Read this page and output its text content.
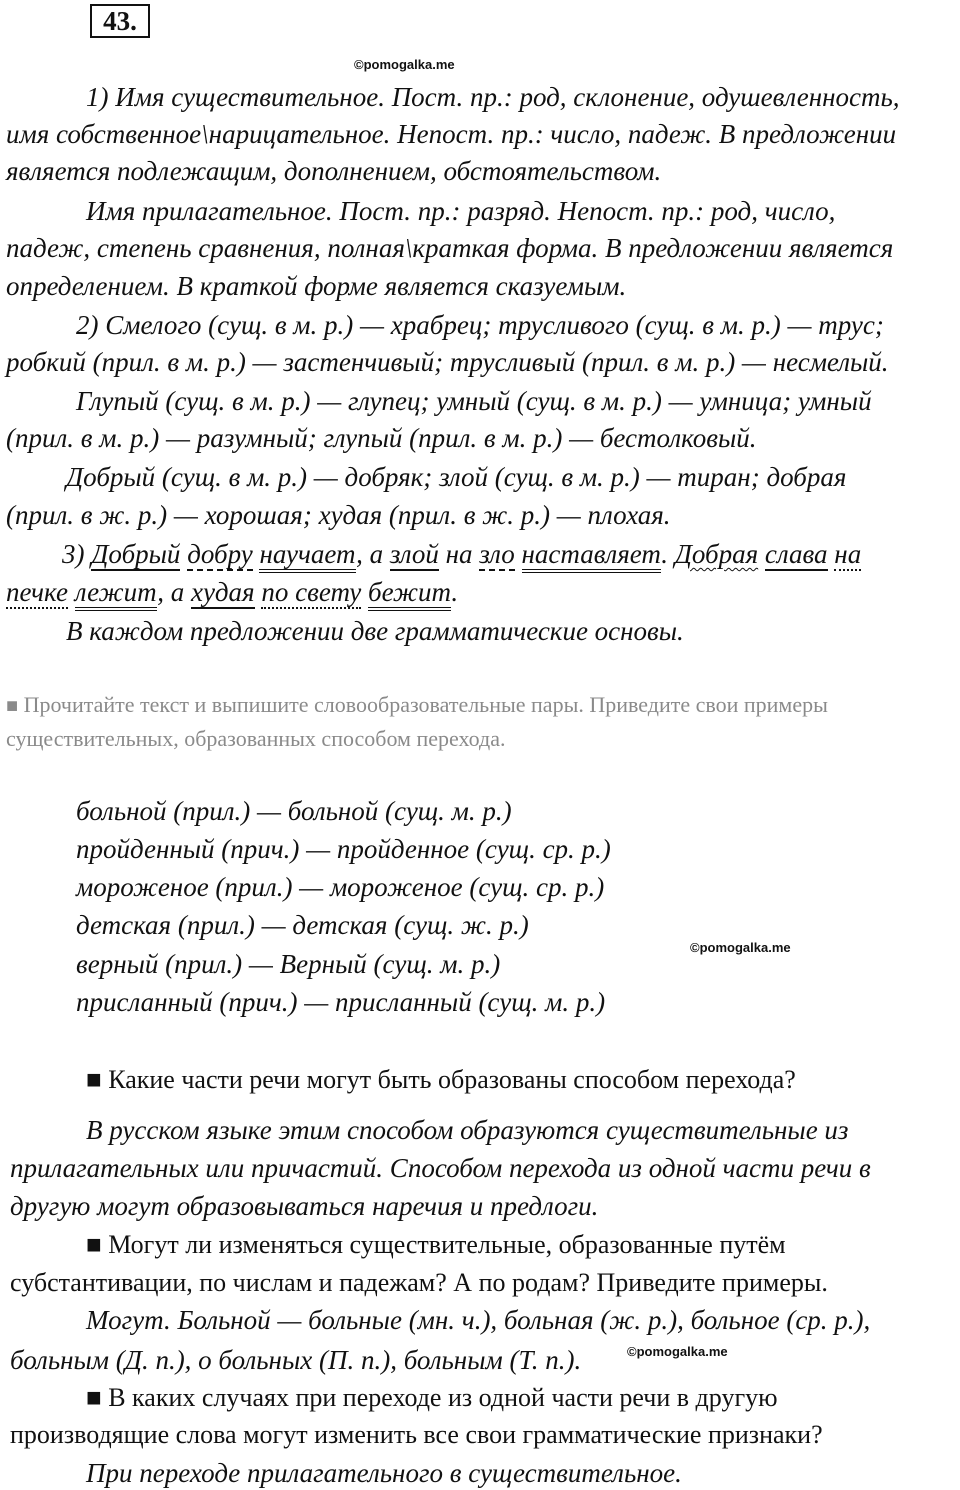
43.
©pomogalka.me
1) Имя существительное. Пост. пр.: род, склонение, одушевленность,
имя собственное\нарицательное. Непост. пр.: число, падеж. В предложении
является подлежащим, дополнением, обстоятельством.
Имя прилагательное. Пост. пр.: разряд. Непост. пр.: род, число,
падеж, степень сравнения, полная\краткая форма. В предложении является
определением. В краткой форме является сказуемым.
2) Смелого (сущ. в м. р.) — храбрец; трусливого (сущ. в м. р.) — трус;
робкий (прил. в м. р.) — застенчивый; трусливый (прил. в м. р.) — несмелый.
Глупый (сущ. в м. р.) — глупец; умный (сущ. в м. р.) — умница; умный
(прил. в м. р.) — разумный; глупый (прил. в м. р.) — бестолковый.
Добрый (сущ. в м. р.) — добряк; злой (сущ. в м. р.) — тиран; добрая
(прил. в ж. р.) — хорошая; худая (прил. в ж. р.) — плохая.
3) Добрый добру научает, а злой на зло наставляет. Добрая слава на
печке лежит, а худая по свету бежит.
В каждом предложении две грамматические основы.
■ Прочитайте текст и выпишите словообразовательные пары. Приведите свои примеры
существительных, образованных способом перехода.
больной (прил.) — больной (сущ. м. р.)
пройденный (прич.) — пройденное (сущ. ср. р.)
мороженое (прил.) — мороженое (сущ. ср. р.)
детская (прил.) — детская (сущ. ж. р.)
верный (прил.) — Верный (сущ. м. р.)
присланный (прич.) — присланный (сущ. м. р.)
©pomogalka.me
■ Какие части речи могут быть образованы способом перехода?
В русском языке этим способом образуются существительные из
прилагательных или причастий. Способом перехода из одной части речи в
другую могут образовываться наречия и предлоги.
■ Могут ли изменяться существительные, образованные путём
субстантивации, по числам и падежам? А по родам? Приведите примеры.
Могут. Больной — больные (мн. ч.), больная (ж. р.), больное (ср. р.),
больным (Д. п.), о больных (П. п.), больным (Т. п.).	©pomogalka.me
■ В каких случаях при переходе из одной части речи в другую
производящие слова могут изменить все свои грамматические признаки?
При переходе прилагательного в существительное.
